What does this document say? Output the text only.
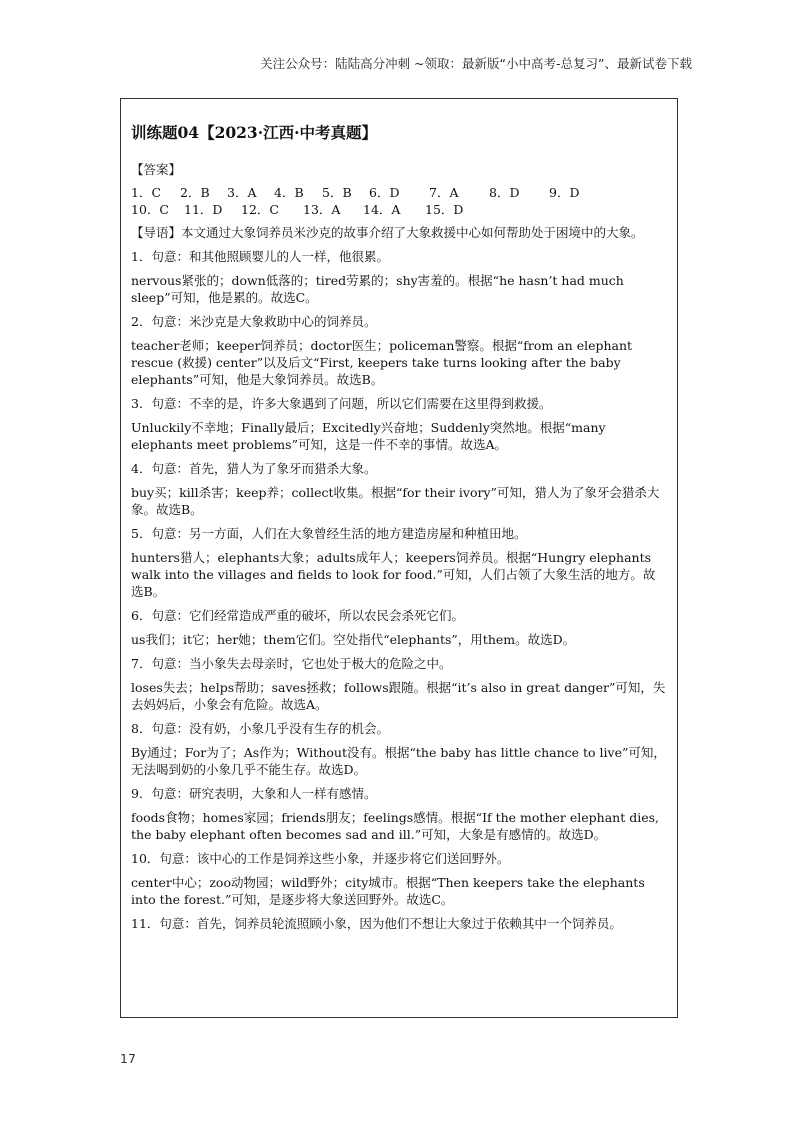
关注公众号：陆陆高分冲刺 ~领取：最新版“小中高考-总复习”、最新试卷下载
训练题04【2023·江西·中考真题】
【答案】
1．C 2．B 3．A 4．B 5．B 6．D 7．A 8．D 9．D
10．C 11．D 12．C 13．A 14．A 15．D
【导语】本文通过大象饲养员米沙克的故事介绍了大象救援中心如何帮助处于困境中的大象。
1．句意：和其他照顾婴儿的人一样，他很累。
nervous紧张的；down低落的；tired劳累的；shy害羞的。根据“he hasn’t had much sleep”可知，他是累的。故选C。
2．句意：米沙克是大象救助中心的饲养员。
teacher老师；keeper饲养员；doctor医生；policeman警察。根据“from an elephant rescue (救援) center”以及后文“First, keepers take turns looking after the baby elephants”可知，他是大象饲养员。故选B。
3．句意：不幸的是，许多大象遇到了问题，所以它们需要在这里得到救援。
Unluckily不幸地；Finally最后；Excitedly兴奋地；Suddenly突然地。根据“many elephants meet problems”可知，这是一件不幸的事情。故选A。
4．句意：首先，猎人为了象牙而猎杀大象。
buy买；kill杀害；keep养；collect收集。根据“for their ivory”可知，猎人为了象牙会猎杀大象。故选B。
5．句意：另一方面，人们在大象曾经生活的地方建造房屋和种植田地。
hunters猎人；elephants大象；adults成年人；keepers饲养员。根据“Hungry elephants walk into the villages and fields to look for food.”可知，人们占领了大象生活的地方。故选B。
6．句意：它们经常造成严重的破坏，所以农民会杀死它们。
us我们；it它；her她；them它们。空处指代“elephants”，用them。故选D。
7．句意：当小象失去母亲时，它也处于极大的危险之中。
loses失去；helps帮助；saves拯救；follows跟随。根据“it’s also in great danger”可知，失去妈妈后，小象会有危险。故选A。
8．句意：没有奶，小象几乎没有生存的机会。
By通过；For为了；As作为；Without没有。根据“the baby has little chance to live”可知，无法喝到奶的小象几乎不能生存。故选D。
9．句意：研究表明，大象和人一样有感情。
foods食物；homes家园；friends朋友；feelings感情。根据“If the mother elephant dies, the baby elephant often becomes sad and ill.”可知，大象是有感情的。故选D。
10．句意：该中心的工作是饲养这些小象，并逐步将它们送回野外。
center中心；zoo动物园；wild野外；city城市。根据“Then keepers take the elephants into the forest.”可知，是逐步将大象送回野外。故选C。
11．句意：首先，饲养员轮流照顾小象，因为他们不想让大象过于依赖其中一个饲养员。
17
